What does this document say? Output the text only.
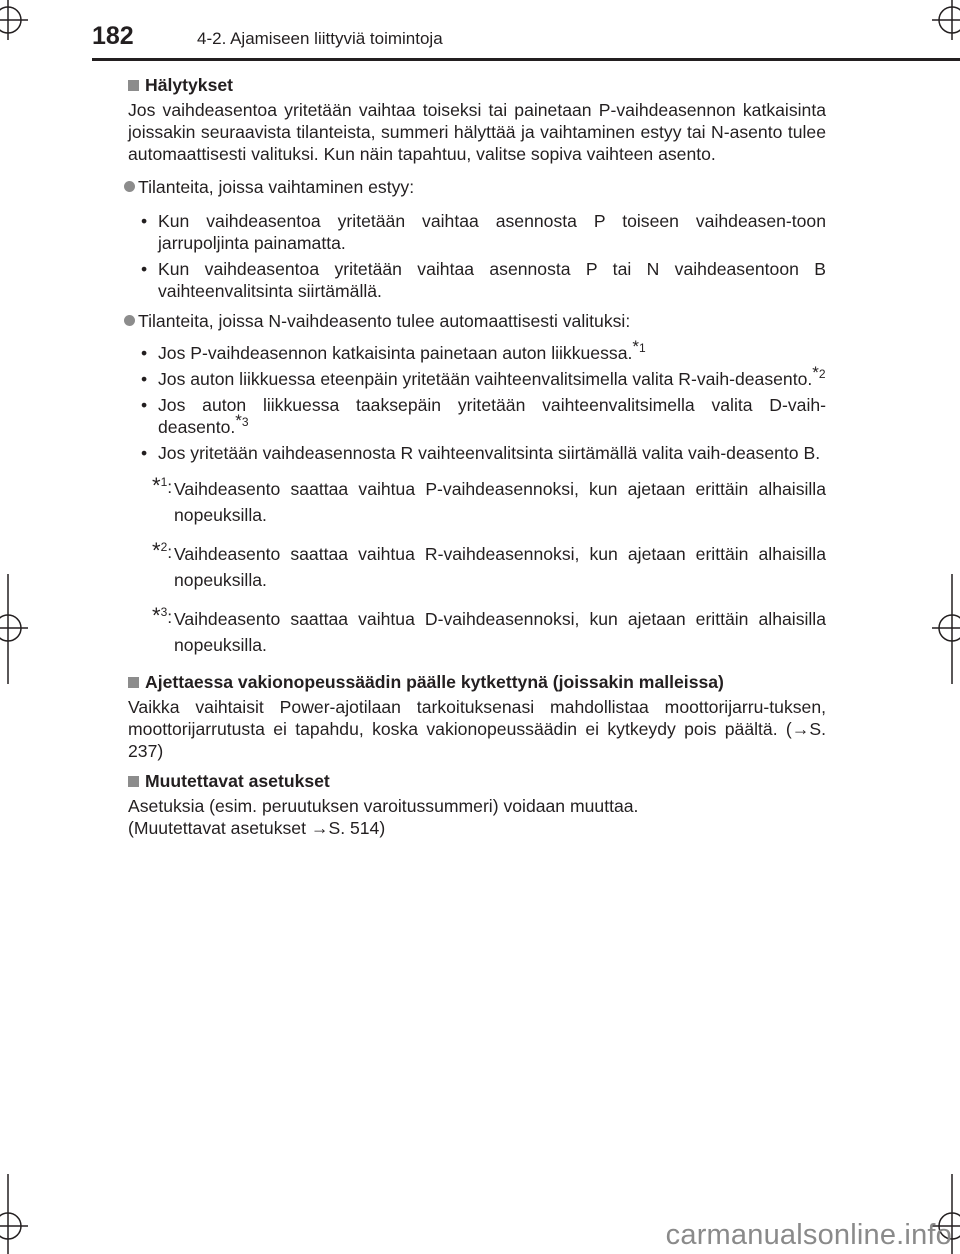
182	4-2. Ajamiseen liittyviä toimintoja
Hälytykset

Jos vaihdeasentoa yritetään vaihtaa toiseksi tai painetaan P-vaihdeasennon katkaisinta joissakin seuraavista tilanteista, summeri hälyttää ja vaihtaminen estyy tai N-asento tulee automaattisesti valituksi. Kun näin tapahtuu, valitse sopiva vaihteen asento.

Tilanteita, joissa vaihtaminen estyy:
• Kun vaihdeasentoa yritetään vaihtaa asennosta P toiseen vaihdeasen-toon jarrupoljinta painamatta.
• Kun vaihdeasentoa yritetään vaihtaa asennosta P tai N vaihdeasentoon B vaihteenvalitsinta siirtämällä.
Tilanteita, joissa N-vaihdeasento tulee automaattisesti valituksi:
• Jos P-vaihdeasennon katkaisinta painetaan auton liikkuessa.$^{*1}$
• Jos auton liikkuessa eteenpäin yritetään vaihteenvalitsimella valita R-vaih-deasento.$^{*2}$
• Jos auton liikkuessa taaksepäin yritetään vaihteenvalitsimella valita D-vaih-deasento.$^{*3}$
• Jos yritetään vaihdeasennosta R vaihteenvalitsinta siirtämällä valita vaih-deasento B.
*$^1$: Vaihdeasento saattaa vaihtua P-vaihdeasennoksi, kun ajetaan erittäin alhaisilla nopeuksilla.
*$^2$: Vaihdeasento saattaa vaihtua R-vaihdeasennoksi, kun ajetaan erittäin alhaisilla nopeuksilla.
*$^3$: Vaihdeasento saattaa vaihtua D-vaihdeasennoksi, kun ajetaan erittäin alhaisilla nopeuksilla.
Ajettaessa vakionopeussäädin päälle kytkettynä (joissakin malleissa)

Vaikka vaihtaisit Power-ajotilaan tarkoituksenasi mahdollistaa moottorijarru-tuksen, moottorijarrutusta ei tapahdu, koska vakionopeussäädin ei kytkeydy pois päältä. (→S. 237)

Muutettavat asetukset

Asetuksia (esim. peruutuksen varoitussummeri) voidaan muuttaa.
(Muutettavat asetukset →S. 514)

carmanualsonline.info
